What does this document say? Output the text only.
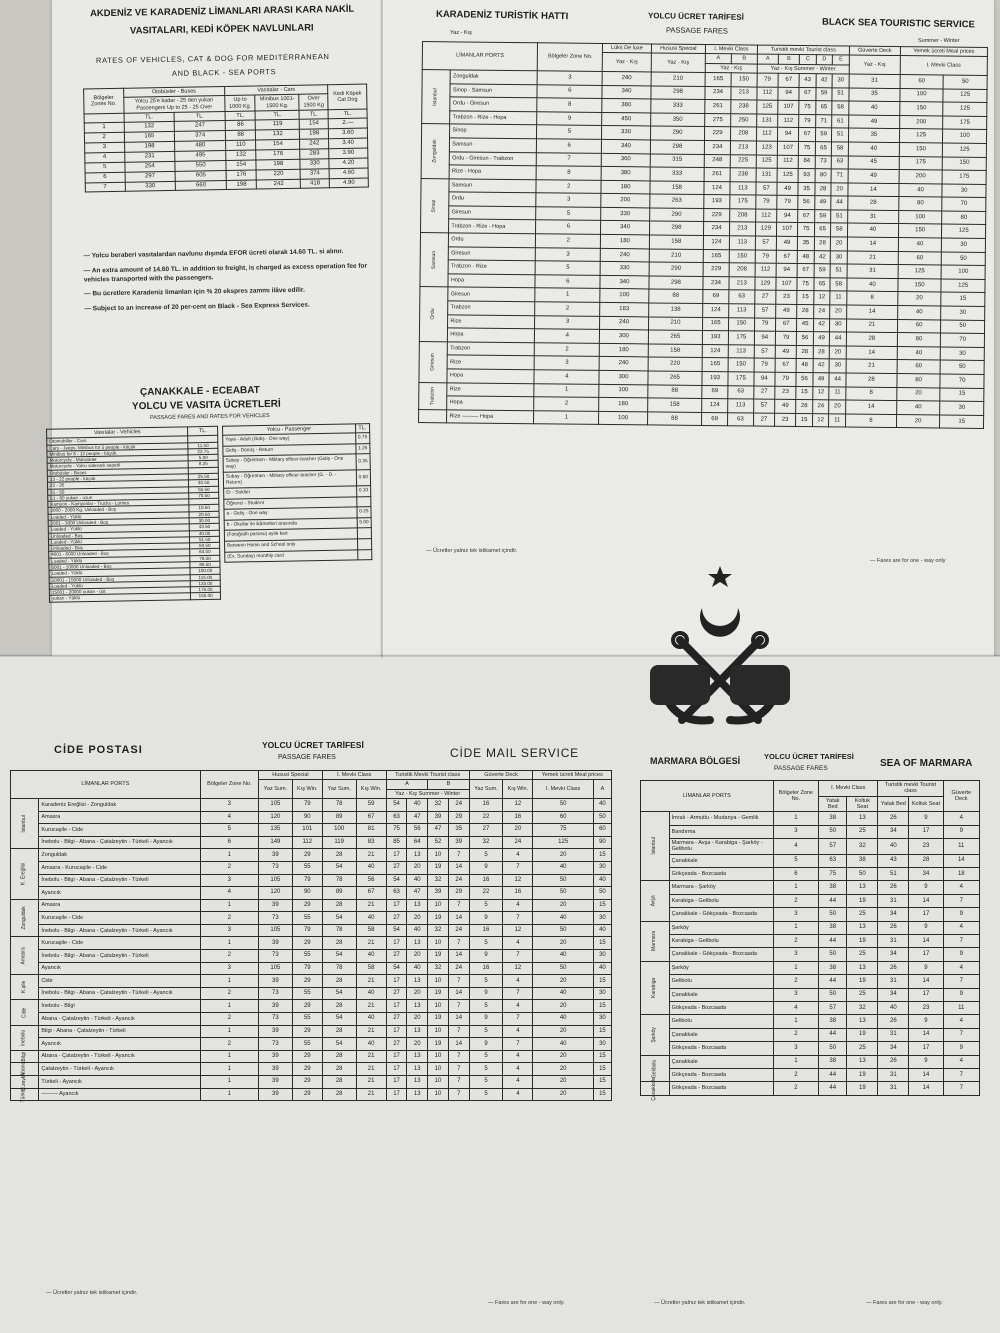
AKDENİZ VE KARADENİZ LİMANLARI ARASI KARA NAKİL
VASITALARI, KEDİ KÖPEK NAVLUNLARI
RATES OF VEHICLES, CAT & DOG FOR MEDITERRANEAN
AND BLACK - SEA PORTS
Bölgeler Zones No.	Otobüsler - Buses		Vasıtalar - Cars			Kedi Köpek Cat Dog
	Yolcu 25'e kadar - 25 den yukarı Passengers Up to 25 - 25 Over		Up to 1000 Kg.	Minibus 1001-1500 Kg.	Over 1500 Kg	
	TL.	TL.	TL.	TL.	TL.	TL.
1	132	247	86	119	154	2.—
2	165	374	88	132	198	3.60
3	198	480	110	154	242	3.40
4	231	495	132	176	283	3.90
5	254	550	154	198	330	4.20
6	297	605	176	220	374	4.60
7	330	660	198	242	418	4.90
— Yolcu beraberi vasıtalardan navlunu dışında EFOR ücreti olarak 14.60 TL. si alınır.
— An extra amount of 14.60 TL. in addition to freight, is charged as excess operation fee for vehicles transported with the passengers.
— Bu ücretlere Karadeniz limanları için % 20 ekspres zammı ilâve edilir.
— Subject to an increase of 20 per-cent on Black - Sea Express Services.
ÇANAKKALE - ECEABAT
YOLCU VE VASITA ÜCRETLERİ
PASSAGE FARES AND RATES FOR VEHICLES
Vasıtalar - Vehicles	TL.
Otomobiller - Cars	
Cars - Jeeps, Minibus for 5 people - küçük	11.50
Minibus for 8 - 12 people - büyük	22.75
Motorcycle - Motosiklet	5.00
Motorcycle - Yolcu sidecarlı sepetli	8.25
Otobüsler - Buses	
13 - 22 people - küçük	25.50
22 - 35	40.50
31 - 50	55.50
51 - 60 yukarı - uzun	70.50
Kamyon - Kamyonlar - Trucks - Lorries	
2000 - 2000 Kg. Unloaded - Boş	10.50
Loaded - Yüklü	20.50
2001 - 3000 Unloaded - Boş	30.00
Loaded - Yüklü	43.50
Unloaded - Boş	40.00
Loaded - Yüklü	51.50
Unloaded - Boş	50.50
4001 - 6000 Unloaded - Boş	64.00
Loaded - Yüklü	78.00
6001 - 10000 Unloaded - Boş	86.50
Loaded - Yüklü	100.00
10001 - 15000 Unloaded - Boş	115.00
Loaded - Yüklü	133.00
15001 - 20000 yukarı - üst	175.00
yukarı - Yüklü	150.00
Yolcu - Passenger	TL.
Yaya - Adult (Gidiş - One way)	0.75
Gidiş - Dönüş - Return	1.25
Subay - Öğretmen - Military officer-teacher (Gidiş - One way)	0.35
Subay - Öğretmen - Military officer-teacher (G. - D. - Return)	0.60
Er - Soldier	0.10
Öğrenci - Student	
a - Gidiş - One way	0.25
b - Okullar ile ikâmetleri arasında	5.00
(Fotoğraflı pasosu) aylık kart	
Between Home and School only	
(Ex. Sunday) monthly card	
KARADENİZ TURİSTİK HATTI
Yaz - Kış
YOLCU ÜCRET TARİFESİ
PASSAGE FARES
BLACK SEA TOURISTIC SERVICE
Summer - Winter
LİMANLAR PORTS		Bölgeler Zone No.	Lüks De luxe	Hususi Special	I. Mevki Class		Turistik mevki Tourist class					Güverte Deck	Yemek ücreti Meal prices	
			Yaz - Kış	Yaz - Kış	A	B	A	B	C	D	E	Yaz - Kış	I. Mevki Class	
					Yaz - Kış		Yaz - Kış Summer - Winter							
İstanbul	Zonguldak	3	240	210	165	150	79	67	43	42	30	31	60	50
	Sinop - Samsun	6	340	298	234	213	112	94	67	59	51	35	100	125
	Ordu - Giresun	8	380	333	261	238	125	107	75	65	58	40	150	125
	Trabzon - Rize - Hopa	9	450	350	275	250	131	112	79	71	61	49	200	175
Zonguldak	Sinop	5	330	290	229	208	112	94	67	59	51	35	125	100
	Samsun	6	340	298	234	213	123	107	75	65	58	40	150	125
	Ordu - Giresun - Trabzon	7	360	315	248	225	125	112	84	73	63	45	175	150
	Rize - Hopa	8	380	333	261	238	131	125	93	80	71	49	200	175
Sinop	Samsun	2	180	158	124	113	57	49	35	28	20	14	40	30
	Ordu	3	200	263	193	175	79	79	56	49	44	28	80	70
	Giresun	5	330	290	229	208	112	94	67	59	51	31	100	80
	Trabzon - Rize - Hopa	6	340	298	234	213	129	107	75	65	58	40	150	125
Samsun	Ordu	2	180	158	124	113	57	49	35	28	20	14	40	30
	Giresun	3	240	210	165	150	79	67	48	42	30	21	60	50
	Trabzon - Rize	5	330	290	229	208	112	94	67	59	51	31	125	100
	Hopa	6	340	298	234	213	129	107	75	65	58	40	150	125
Ordu	Giresun	1	100	88	69	63	27	23	15	12	11	8	20	15
	Trabzon	2	183	138	124	113	57	49	28	24	20	14	40	30
	Rize	3	240	210	165	150	79	67	45	42	30	21	60	50
	Hopa	4	300	265	193	175	94	79	56	49	44	28	80	70
Giresun	Trabzon	2	180	158	124	113	57	49	28	28	20	14	40	30
	Rize	3	240	220	165	150	79	67	48	42	30	21	60	50
	Hopa	4	300	265	193	175	94	79	56	49	44	28	80	70
Trabzon	Rize	1	100	88	69	63	27	23	15	12	11	8	20	15
	Hopa	2	180	158	124	113	57	49	28	24	20	14	40	30
	Rize ——— Hopa	1	100	88	69	63	27	23	15	12	11	8	20	15
— Ücretler yalnız tek istikamet içindir.
— Fares are for one - way only
CİDE POSTASI	YOLCU ÜCRET TARİFESİ
PASSAGE FARES	CİDE MAIL SERVICE
LİMANLAR PORTS		Bölgeler Zone No.	Hususi Special		I. Mevki Class		Turistik Mevki Tourist class				Güverte Deck		Yemek ücreti Meal prices	
			Yaz Sum.	Kış Win.	Yaz Sum.	Kış Win.	A		B		Yaz Sum.	Kış Win.	I. Mevki Class	A
							Yaz - Kış Summer - Winter							
İstanbul	Karadeniz Ereğlisi - Zonguldak	3	105	79	78	59	54	40	32	24	16	12	50	40
	Amasra	4	120	90	89	67	63	47	39	29	22	16	60	50
	Kurucaşile - Cide	5	135	101	100	81	75	56	47	35	27	20	75	60
	İnebolu - Bilgi - Abana - Çatalzeytin - Türkeli - Ayancık	6	149	112	119	83	85	64	52	39	32	24	125	90
K. Ereğlisi	Zonguldak	1	39	29	28	21	17	13	10	7	5	4	20	15
	Amasra - Kurucaşile - Cide	2	73	55	54	40	27	20	19	14	9	7	40	30
	İnebolu - Bilgi - Abana - Çatalzeytin - Türkeli	3	105	79	78	56	54	40	32	24	16	12	50	40
	Ayancık	4	120	90	89	67	63	47	39	29	22	16	50	50
Zonguldak	Amasra	1	39	29	28	21	17	13	10	7	5	4	20	15
	Kurucaşile - Cide	2	73	55	54	40	27	20	19	14	9	7	40	30
	İnebolu - Bilgi - Abana - Çatalzeytin - Türkeli - Ayancık	3	105	79	78	58	54	40	32	24	16	12	50	40
Amasra	Kurucaşile - Cide	1	39	29	28	21	17	13	10	7	5	4	20	15
	İnebolu - Bilgi - Abana - Çatalzeytin - Türkeli	2	73	55	54	40	27	20	19	14	9	7	40	30
	Ayancık	3	105	79	78	58	54	40	32	24	16	12	50	40
K.şile	Cide	1	39	29	28	21	17	13	10	7	5	4	20	15
	İnebolu - Bilgi - Abana - Çatalzeytin - Türkeli - Ayancık	2	73	55	54	40	27	20	19	14	9	7	40	30
Cide	İnebolu - Bilgi	1	39	29	28	21	17	13	10	7	5	4	20	15
	Abana - Çatalzeytin - Türkeli - Ayancık	2	73	55	54	40	27	20	19	14	9	7	40	30
İnebolu	Bilgi - Abana - Çatalzeytin - Türkeli	1	39	29	28	21	17	13	10	7	5	4	20	15
	Ayancık	2	73	55	54	40	27	20	19	14	9	7	40	30
Bilgi	Abana - Çatalzeytin - Türkeli - Ayancık	1	39	29	28	21	17	13	10	7	5	4	20	15
Abana	Çatalzeytin - Türkeli - Ayancık	1	39	29	28	21	17	13	10	7	5	4	20	15
Ç.zeytin	Türkeli - Ayancık	1	39	29	28	21	17	13	10	7	5	4	20	15
Türkeli	——— Ayancık	1	39	29	28	21	17	13	10	7	5	4	20	15
— Ücretler yalnız tek istikamet içindir.
— Fares are for one - way only.
MARMARA BÖLGESİ	YOLCU ÜCRET TARİFESİ
PASSAGE FARES	SEA OF MARMARA
LİMANLAR PORTS		Bölgeler Zone No.	I. Mevki Class		Turistik mevki Tourist class		Güverte Deck
			Yatak Bed	Koltuk Seat	Yatak Bed	Koltuk Seat	
İstanbul	İmralı - Armutlu - Mudanya - Gemlik	1	38	13	26	9	4
	Bandırma	3	50	25	34	17	9
	Marmara - Avşa - Karabiga - Şarköy - Gelibolu	4	57	32	40	23	11
	Çanakkale	5	63	38	43	28	14
	Gökçeada - Bozcaada	6	75	50	51	34	18
Avşa	Marmara - Şarköy	1	38	13	26	9	4
	Karabiga - Gelibolu	2	44	19	31	14	7
	Çanakkale - Gökçeada - Bozcaada	3	50	25	34	17	9
Marmara	Şarköy	1	38	13	26	9	4
	Karabiga - Gelibolu	2	44	19	31	14	7
	Çanakkale - Gökçeada - Bozcaada	3	50	25	34	17	9
Karabiga	Şarköy	1	38	13	26	9	4
	Gelibolu	2	44	19	31	14	7
	Çanakkale	3	50	25	34	17	9
	Gökçeada - Bozcaada	4	57	32	40	23	11
Şarköy	Gelibolu	1	38	13	26	9	4
	Çanakkale	2	44	19	31	14	7
	Gökçeada - Bozcaada	3	50	25	34	17	9
Gelibolu	Çanakkale	1	38	13	26	9	4
	Gökçeada - Bozcaada	2	44	19	31	14	7
Çanakkale	Gökçeada - Bozcaada	2	44	19	31	14	7
— Ücretler yalnız tek istikamet içindir.	— Fares are for one - way only.
